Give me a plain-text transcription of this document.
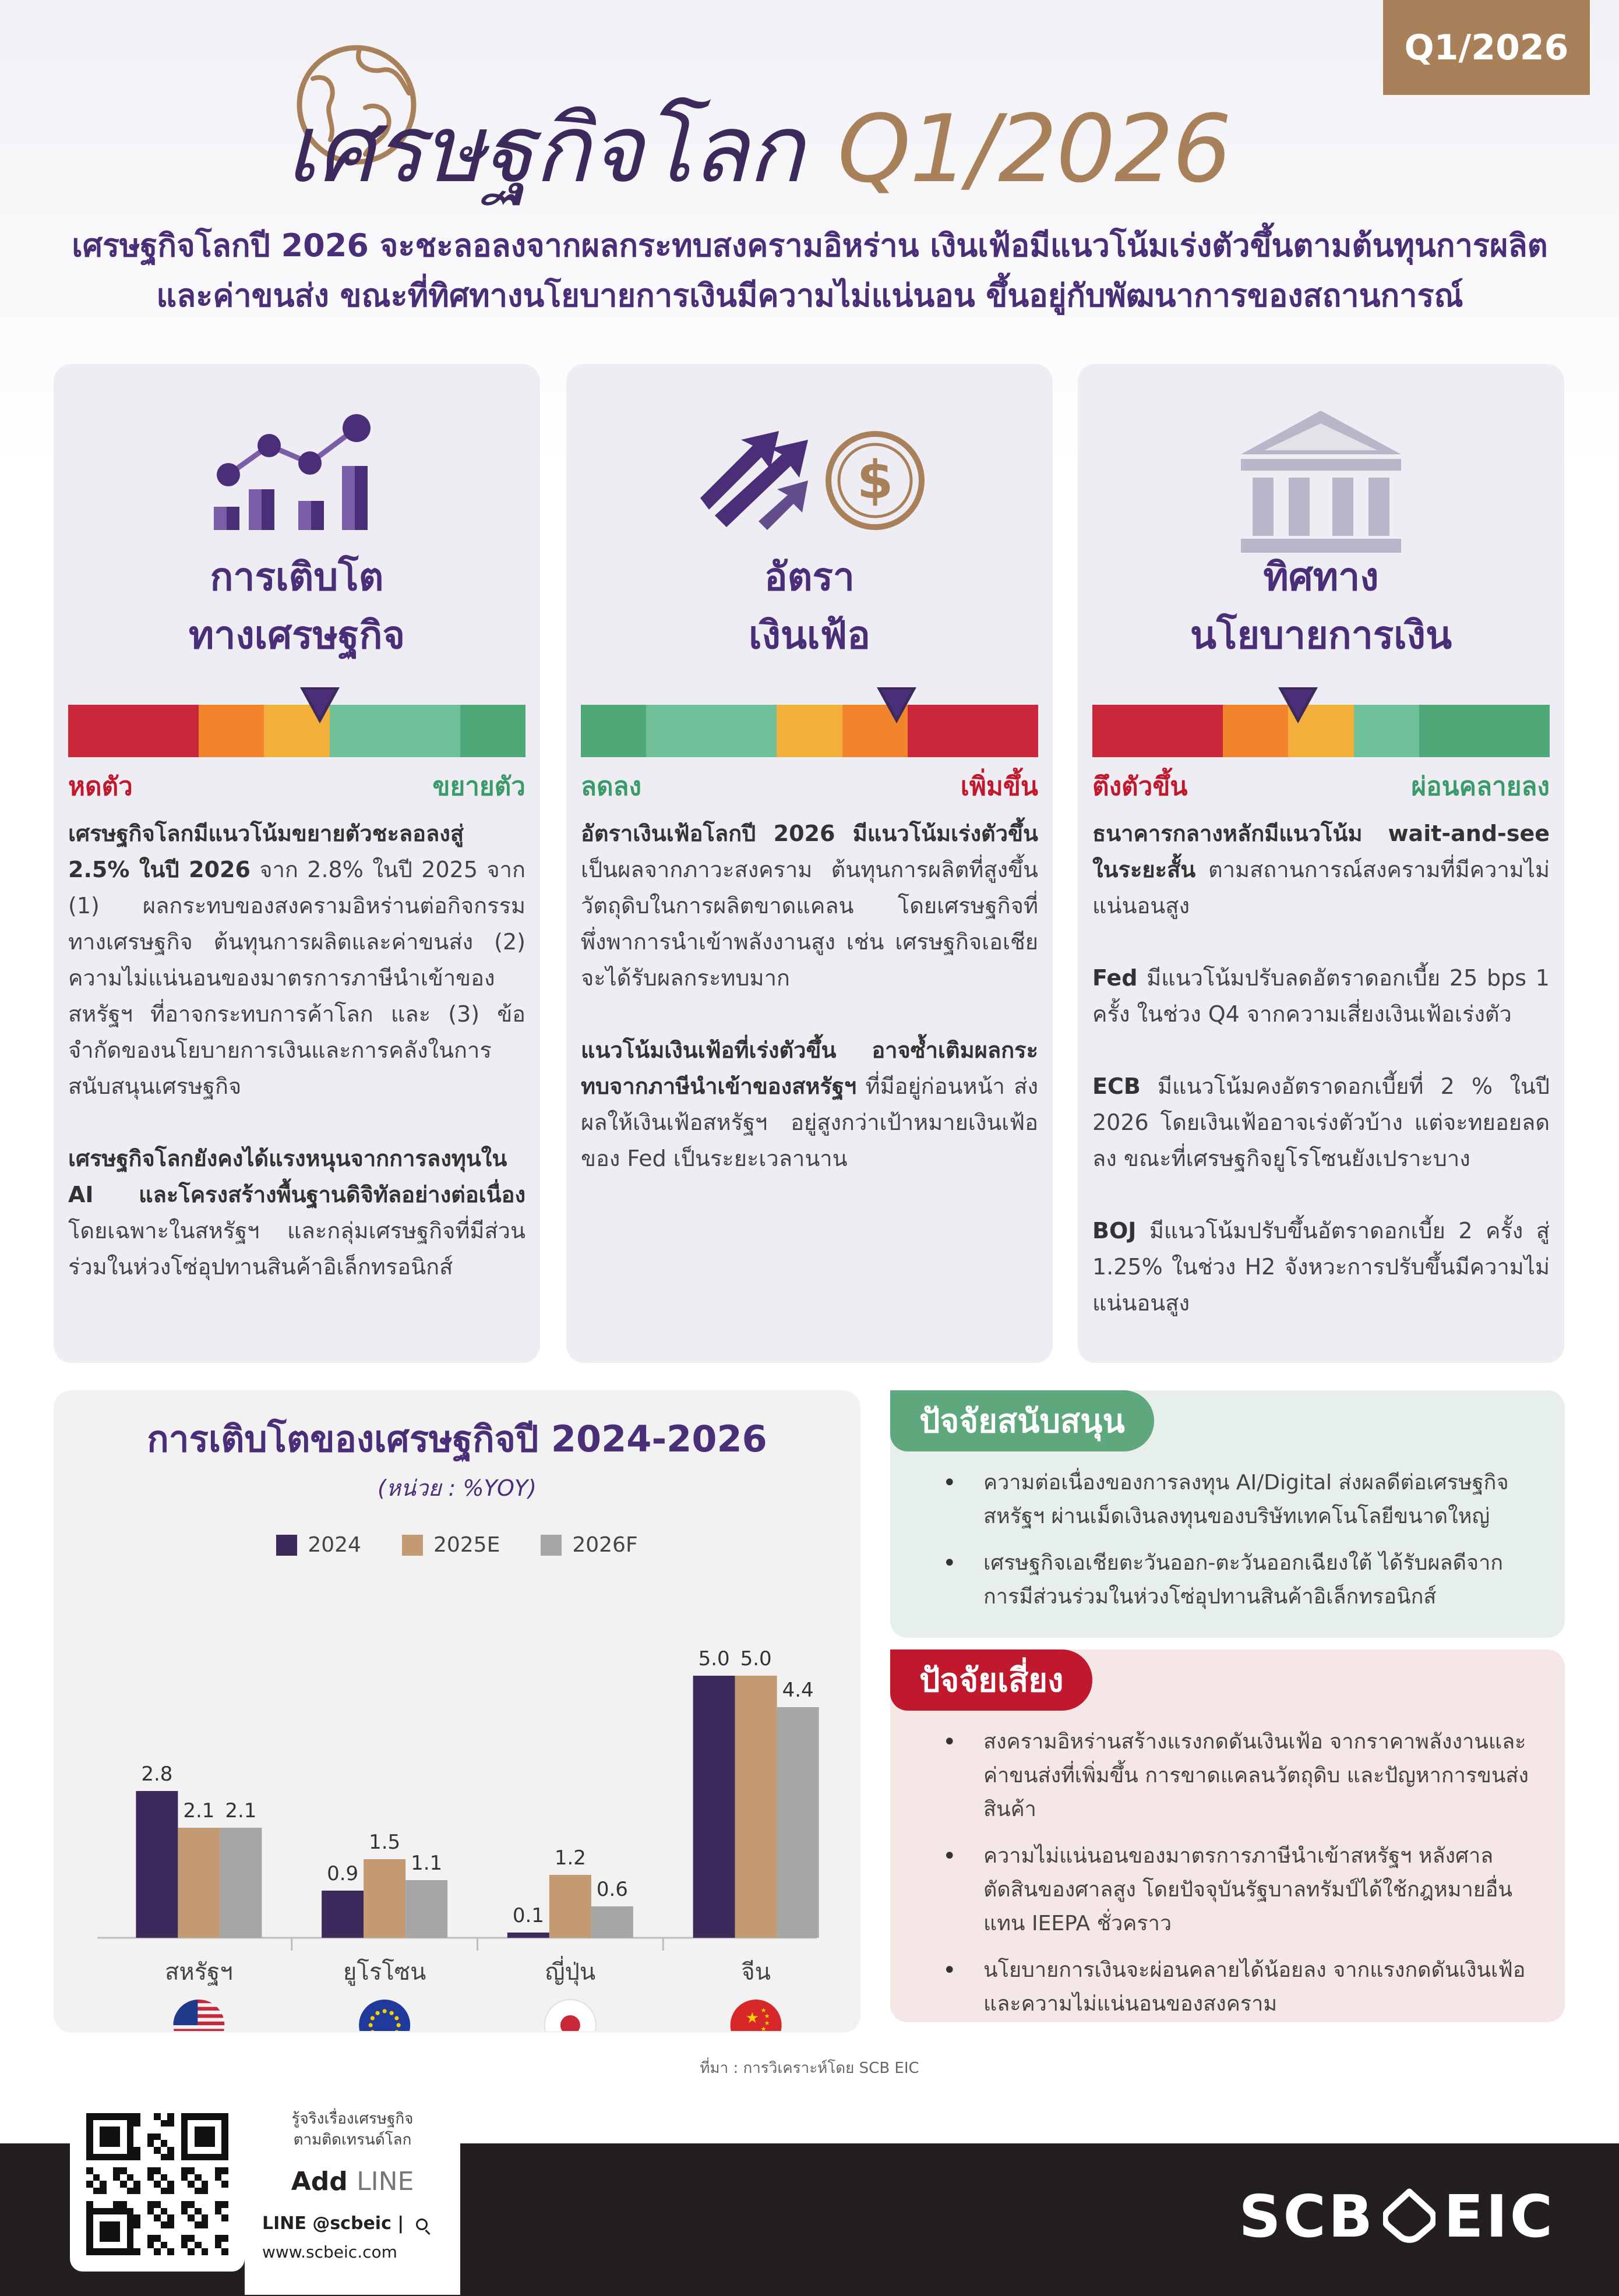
Q1/2026
เศรษฐกิจโลก Q1/2026
เศรษฐกิจโลกปี 2026 จะชะลอลงจากผลกระทบสงครามอิหร่าน เงินเฟ้อมีแนวโน้มเร่งตัวขึ้นตามต้นทุนการผลิต
และค่าขนส่ง ขณะที่ทิศทางนโยบายการเงินมีความไม่แน่นอน ขึ้นอยู่กับพัฒนาการของสถานการณ์
การเติบโต
ทางเศรษฐกิจ
หดตัว	ขยายตัว

เศรษฐกิจโลกมีแนวโน้มขยายตัวชะลอลงสู่ 2.5% ในปี 2026 จาก 2.8% ในปี 2025 จาก (1) ผลกระทบของสงครามอิหร่านต่อกิจกรรมทางเศรษฐกิจ ต้นทุนการผลิตและค่าขนส่ง (2) ความไม่แน่นอนของมาตรการภาษีนำเข้าของสหรัฐฯ ที่อาจกระทบการค้าโลก และ (3) ข้อจำกัดของนโยบายการเงินและการคลังในการสนับสนุนเศรษฐกิจ

เศรษฐกิจโลกยังคงได้แรงหนุนจากการลงทุนใน AI และโครงสร้างพื้นฐานดิจิทัลอย่างต่อเนื่อง โดยเฉพาะในสหรัฐฯ และกลุ่มเศรษฐกิจที่มีส่วนร่วมในห่วงโซ่อุปทานสินค้าอิเล็กทรอนิกส์

$
อัตรา
เงินเฟ้อ
ลดลง	เพิ่มขึ้น

อัตราเงินเฟ้อโลกปี 2026 มีแนวโน้มเร่งตัวขึ้น เป็นผลจากภาวะสงคราม ต้นทุนการผลิตที่สูงขึ้น วัตถุดิบในการผลิตขาดแคลน โดยเศรษฐกิจที่พึ่งพาการนำเข้าพลังงานสูง เช่น เศรษฐกิจเอเชีย จะได้รับผลกระทบมาก

แนวโน้มเงินเฟ้อที่เร่งตัวขึ้น อาจซ้ำเติมผลกระทบจากภาษีนำเข้าของสหรัฐฯ ที่มีอยู่ก่อนหน้า ส่งผลให้เงินเฟ้อสหรัฐฯ อยู่สูงกว่าเป้าหมายเงินเฟ้อของ Fed เป็นระยะเวลานาน

ทิศทาง
นโยบายการเงิน
ตึงตัวขึ้น	ผ่อนคลายลง

ธนาคารกลางหลักมีแนวโน้ม wait-and-see ในระยะสั้น ตามสถานการณ์สงครามที่มีความไม่แน่นอนสูง

Fed มีแนวโน้มปรับลดอัตราดอกเบี้ย 25 bps 1 ครั้ง ในช่วง Q4 จากความเสี่ยงเงินเฟ้อเร่งตัว

ECB มีแนวโน้มคงอัตราดอกเบี้ยที่ 2 % ในปี 2026 โดยเงินเฟ้ออาจเร่งตัวบ้าง แต่จะทยอยลดลง ขณะที่เศรษฐกิจยูโรโซนยังเปราะบาง

BOJ มีแนวโน้มปรับขึ้นอัตราดอกเบี้ย 2 ครั้ง สู่ 1.25% ในช่วง H2 จังหวะการปรับขึ้นมีความไม่แน่นอนสูง

การเติบโตของเศรษฐกิจปี 2024-2026
(หน่วย : %YOY)
2024	2025E	2026F
2.8
2.1 2.1
สหรัฐฯ
0.9
1.5
1.1
ยูโรโซน
0.1
1.2
0.6
ญี่ปุ่น
5.0 5.0
4.4
จีน
★ ★
★
★
★
ปัจจัยสนับสนุน
• ความต่อเนื่องของการลงทุน AI/Digital ส่งผลดีต่อเศรษฐกิจสหรัฐฯ ผ่านเม็ดเงินลงทุนของบริษัทเทคโนโลยีขนาดใหญ่
• เศรษฐกิจเอเชียตะวันออก-ตะวันออกเฉียงใต้ ได้รับผลดีจากการมีส่วนร่วมในห่วงโซ่อุปทานสินค้าอิเล็กทรอนิกส์
ปัจจัยเสี่ยง
• สงครามอิหร่านสร้างแรงกดดันเงินเฟ้อ จากราคาพลังงานและค่าขนส่งที่เพิ่มขึ้น การขาดแคลนวัตถุดิบ และปัญหาการขนส่งสินค้า
• ความไม่แน่นอนของมาตรการภาษีนำเข้าสหรัฐฯ หลังศาลตัดสินของศาลสูง โดยปัจจุบันรัฐบาลทรัมป์ได้ใช้กฎหมายอื่นแทน IEEPA ชั่วคราว
• นโยบายการเงินจะผ่อนคลายได้น้อยลง จากแรงกดดันเงินเฟ้อและความไม่แน่นอนของสงคราม
ที่มา : การวิเคราะห์โดย SCB EIC
รู้จริงเรื่องเศรษฐกิจ
ตามติดเทรนด์โลก
Add LINE
LINE @scbeic |
www.scbeic.com
SCB EIC
